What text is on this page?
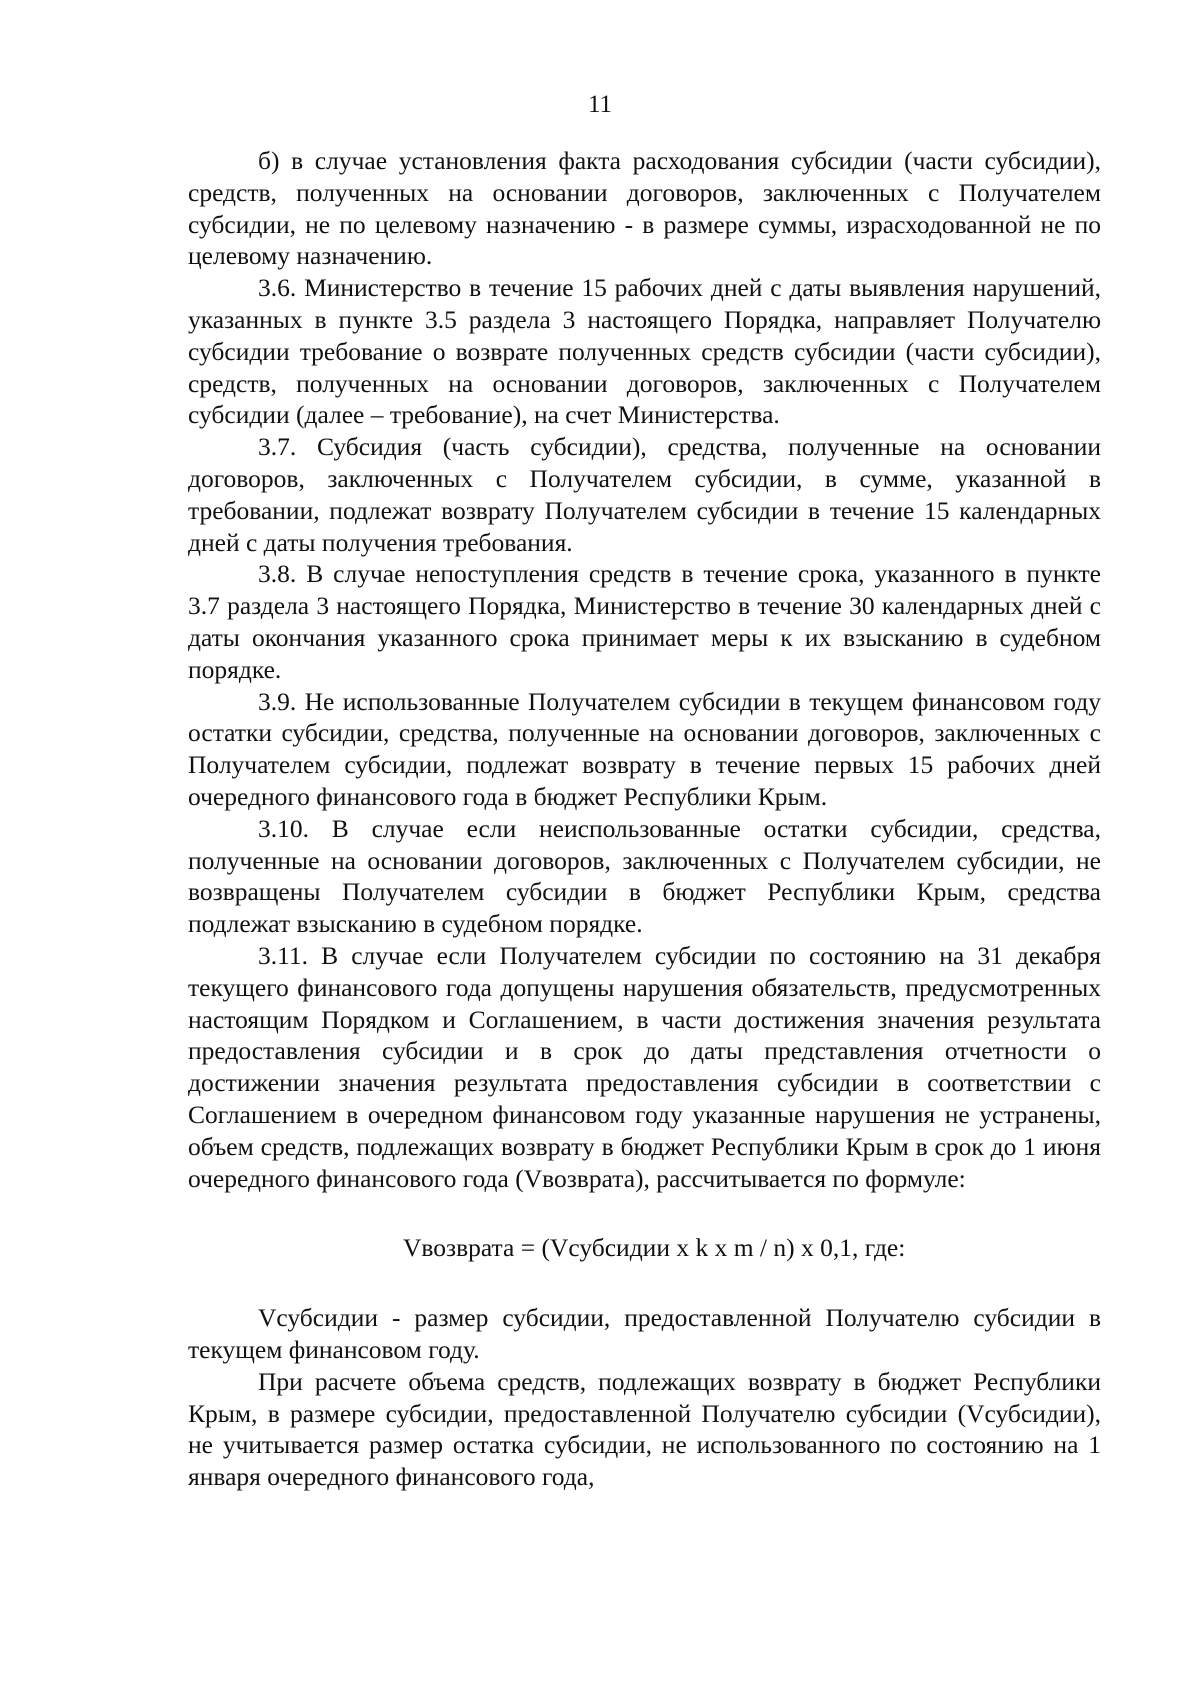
11

б) в случае установления факта расходования субсидии (части субсидии), средств, полученных на основании договоров, заключенных с Получателем субсидии, не по целевому назначению - в размере суммы, израсходованной не по целевому назначению.

3.6. Министерство в течение 15 рабочих дней с даты выявления нарушений, указанных в пункте 3.5 раздела 3 настоящего Порядка, направляет Получателю субсидии требование о возврате полученных средств субсидии (части субсидии), средств, полученных на основании договоров, заключенных с Получателем субсидии (далее – требование), на счет Министерства.

3.7. Субсидия (часть субсидии), средства, полученные на основании договоров, заключенных с Получателем субсидии, в сумме, указанной в требовании, подлежат возврату Получателем субсидии в течение 15 календарных дней с даты получения требования.

3.8. В случае непоступления средств в течение срока, указанного в пункте 3.7 раздела 3 настоящего Порядка, Министерство в течение 30 календарных дней с даты окончания указанного срока принимает меры к их взысканию в судебном порядке.

3.9. Не использованные Получателем субсидии в текущем финансовом году остатки субсидии, средства, полученные на основании договоров, заключенных с Получателем субсидии, подлежат возврату в течение первых 15 рабочих дней очередного финансового года в бюджет Республики Крым.

3.10. В случае если неиспользованные остатки субсидии, средства, полученные на основании договоров, заключенных с Получателем субсидии, не возвращены Получателем субсидии в бюджет Республики Крым, средства подлежат взысканию в судебном порядке.

3.11. В случае если Получателем субсидии по состоянию на 31 декабря текущего финансового года допущены нарушения обязательств, предусмотренных настоящим Порядком и Соглашением, в части достижения значения результата предоставления субсидии и в срок до даты представления отчетности о достижении значения результата предоставления субсидии в соответствии с Соглашением в очередном финансовом году указанные нарушения не устранены, объем средств, подлежащих возврату в бюджет Республики Крым в срок до 1 июня очередного финансового года (Vвозврата), рассчитывается по формуле:

Vвозврата = (Vсубсидии x k x m / n) x 0,1, где:

Vсубсидии - размер субсидии, предоставленной Получателю субсидии в текущем финансовом году.

При расчете объема средств, подлежащих возврату в бюджет Республики Крым, в размере субсидии, предоставленной Получателю субсидии (Vсубсидии), не учитывается размер остатка субсидии, не использованного по состоянию на 1 января очередного финансового года,
